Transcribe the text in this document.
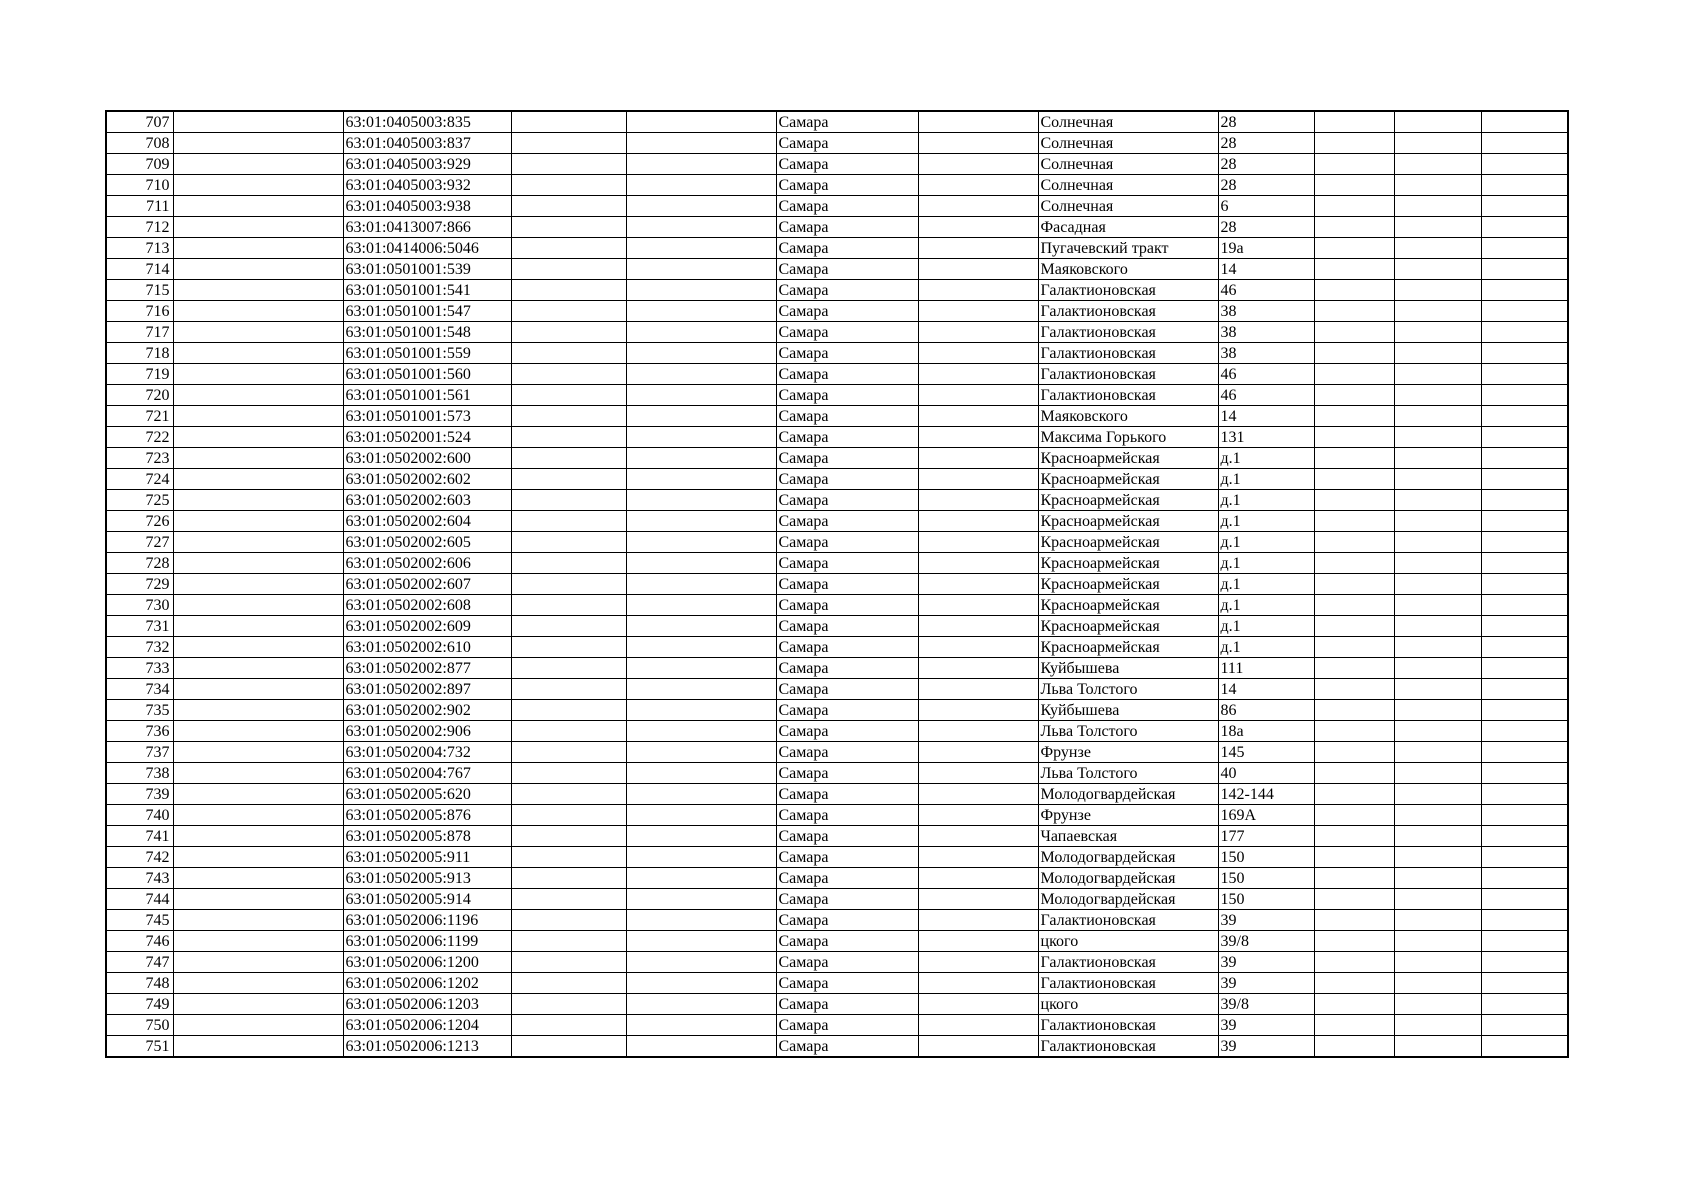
707		63:01:0405003:835			Самара		Солнечная	28			
708		63:01:0405003:837			Самара		Солнечная	28			
709		63:01:0405003:929			Самара		Солнечная	28			
710		63:01:0405003:932			Самара		Солнечная	28			
711		63:01:0405003:938			Самара		Солнечная	6			
712		63:01:0413007:866			Самара		Фасадная	28			
713		63:01:0414006:5046			Самара		Пугачевский тракт	19а			
714		63:01:0501001:539			Самара		Маяковского	14			
715		63:01:0501001:541			Самара		Галактионовская	46			
716		63:01:0501001:547			Самара		Галактионовская	38			
717		63:01:0501001:548			Самара		Галактионовская	38			
718		63:01:0501001:559			Самара		Галактионовская	38			
719		63:01:0501001:560			Самара		Галактионовская	46			
720		63:01:0501001:561			Самара		Галактионовская	46			
721		63:01:0501001:573			Самара		Маяковского	14			
722		63:01:0502001:524			Самара		Максима Горького	131			
723		63:01:0502002:600			Самара		Красноармейская	д.1			
724		63:01:0502002:602			Самара		Красноармейская	д.1			
725		63:01:0502002:603			Самара		Красноармейская	д.1			
726		63:01:0502002:604			Самара		Красноармейская	д.1			
727		63:01:0502002:605			Самара		Красноармейская	д.1			
728		63:01:0502002:606			Самара		Красноармейская	д.1			
729		63:01:0502002:607			Самара		Красноармейская	д.1			
730		63:01:0502002:608			Самара		Красноармейская	д.1			
731		63:01:0502002:609			Самара		Красноармейская	д.1			
732		63:01:0502002:610			Самара		Красноармейская	д.1			
733		63:01:0502002:877			Самара		Куйбышева	111			
734		63:01:0502002:897			Самара		Льва Толстого	14			
735		63:01:0502002:902			Самара		Куйбышева	86			
736		63:01:0502002:906			Самара		Льва Толстого	18а			
737		63:01:0502004:732			Самара		Фрунзе	145			
738		63:01:0502004:767			Самара		Льва Толстого	40			
739		63:01:0502005:620			Самара		Молодогвардейская	142-144			
740		63:01:0502005:876			Самара		Фрунзе	169А			
741		63:01:0502005:878			Самара		Чапаевская	177			
742		63:01:0502005:911			Самара		Молодогвардейская	150			
743		63:01:0502005:913			Самара		Молодогвардейская	150			
744		63:01:0502005:914			Самара		Молодогвардейская	150			
745		63:01:0502006:1196			Самара		Галактионовская	39			
746		63:01:0502006:1199			Самара		цкого	39/8			
747		63:01:0502006:1200			Самара		Галактионовская	39			
748		63:01:0502006:1202			Самара		Галактионовская	39			
749		63:01:0502006:1203			Самара		цкого	39/8			
750		63:01:0502006:1204			Самара		Галактионовская	39			
751		63:01:0502006:1213			Самара		Галактионовская	39			
